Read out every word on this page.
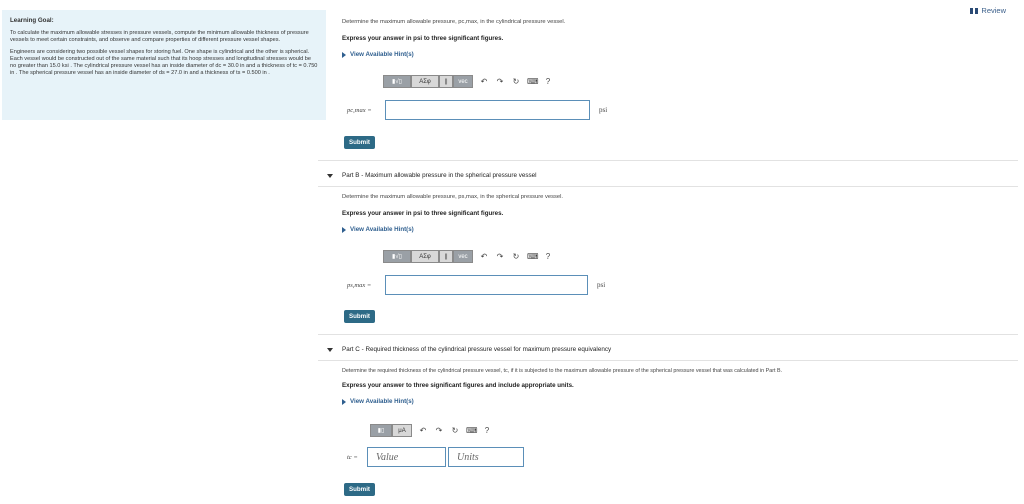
Review
Learning Goal:

To calculate the maximum allowable stresses in pressure vessels, compute the minimum allowable thickness of pressure vessels to meet certain constraints, and observe and compare properties of different pressure vessel shapes.

Engineers are considering two possible vessel shapes for storing fuel. One shape is cylindrical and the other is spherical. Each vessel would be constructed out of the same material such that its hoop stresses and longitudinal stresses would be no greater than 15.0 ksi . The cylindrical pressure vessel has an inside diameter of dc = 30.0 in and a thickness of tc = 0.750 in . The spherical pressure vessel has an inside diameter of ds = 27.0 in and a thickness of ts = 0.500 in .

Determine the maximum allowable pressure, pc,max, in the cylindrical pressure vessel.
Express your answer in psi to three significant figures.
View Available Hint(s)
▮√▯	ΑΣφ	||	vec	↶ ↷ ↻ ⌨ ?
pc,max =	psi
Submit
Part B - Maximum allowable pressure in the spherical pressure vessel
Determine the maximum allowable pressure, ps,max, in the spherical pressure vessel.
Express your answer in psi to three significant figures.
View Available Hint(s)
▮√▯	ΑΣφ	||	vec	↶ ↷ ↻ ⌨ ?
ps,max =	psi
Submit
Part C - Required thickness of the cylindrical pressure vessel for maximum pressure equivalency
Determine the required thickness of the cylindrical pressure vessel, tc, if it is subjected to the maximum allowable pressure of the spherical pressure vessel that was calculated in Part B.
Express your answer to three significant figures and include appropriate units.
View Available Hint(s)
▮▯	μA	↶ ↷ ↻ ⌨ ?
tc =	Value	Units
Submit
